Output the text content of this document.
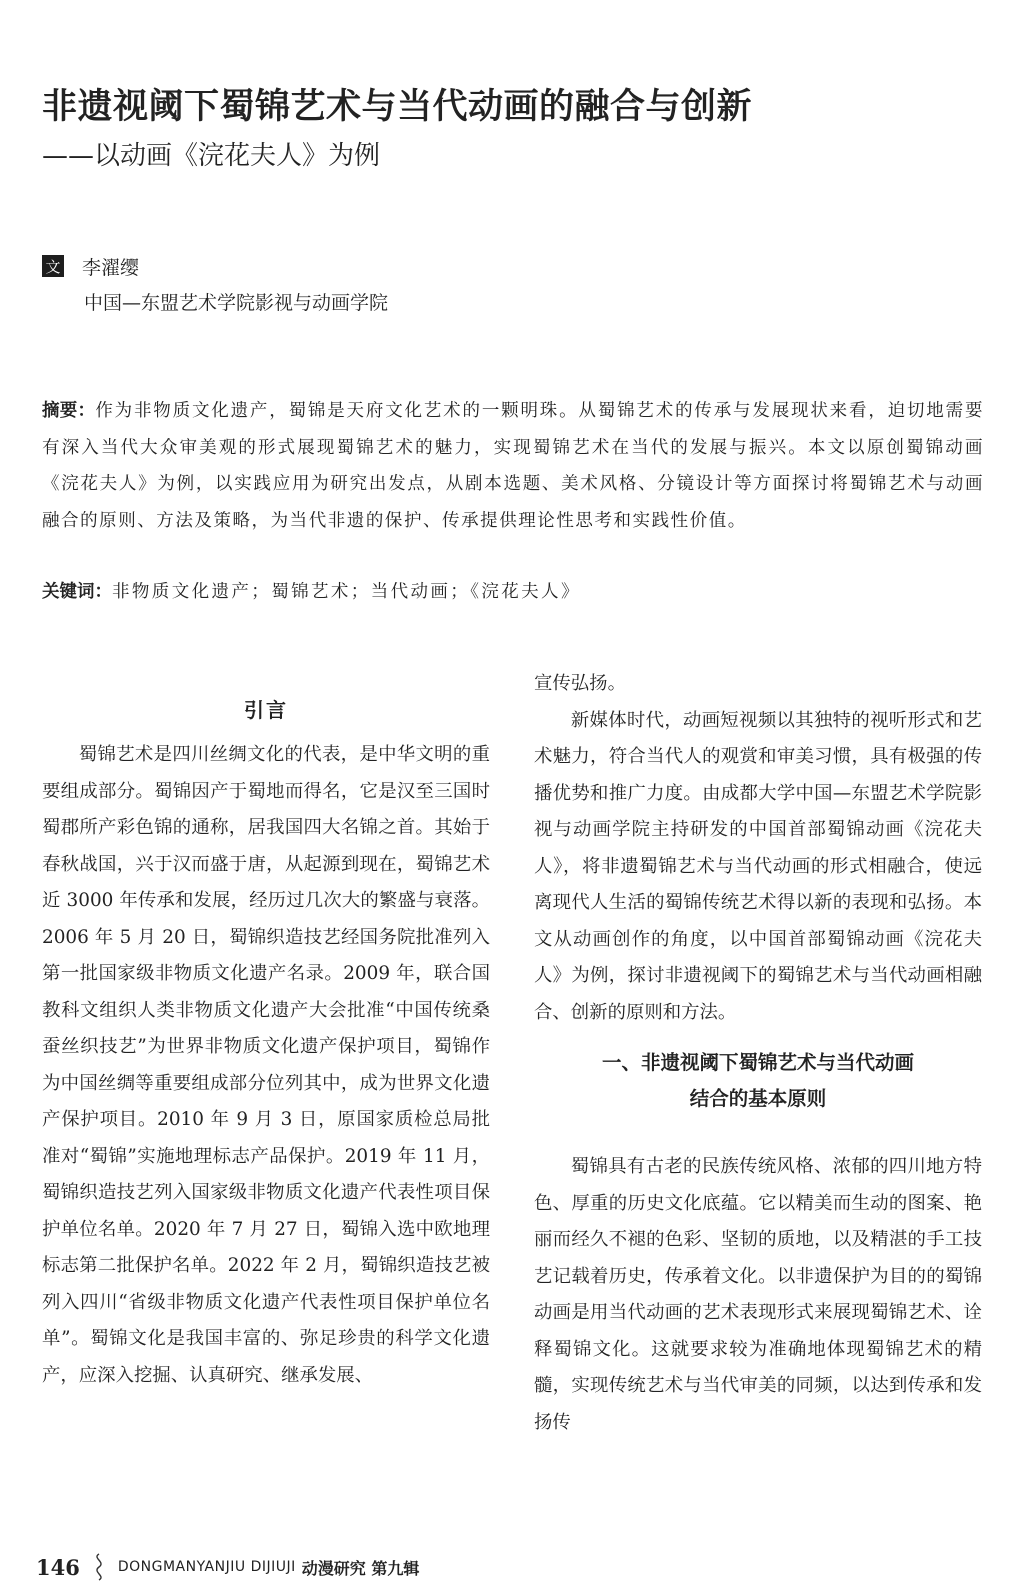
非遗视阈下蜀锦艺术与当代动画的融合与创新
——以动画《浣花夫人》为例
文 李濯缨
中国—东盟艺术学院影视与动画学院
摘要：作为非物质文化遗产，蜀锦是天府文化艺术的一颗明珠。从蜀锦艺术的传承与发展现状来看，迫切地需要有深入当代大众审美观的形式展现蜀锦艺术的魅力，实现蜀锦艺术在当代的发展与振兴。本文以原创蜀锦动画《浣花夫人》为例，以实践应用为研究出发点，从剧本选题、美术风格、分镜设计等方面探讨将蜀锦艺术与动画融合的原则、方法及策略，为当代非遗的保护、传承提供理论性思考和实践性价值。
关键词：非物质文化遗产；蜀锦艺术；当代动画；《浣花夫人》
引言

蜀锦艺术是四川丝绸文化的代表，是中华文明的重要组成部分。蜀锦因产于蜀地而得名，它是汉至三国时蜀郡所产彩色锦的通称，居我国四大名锦之首。其始于春秋战国，兴于汉而盛于唐，从起源到现在，蜀锦艺术近 3000 年传承和发展，经历过几次大的繁盛与衰落。2006 年 5 月 20 日，蜀锦织造技艺经国务院批准列入第一批国家级非物质文化遗产名录。2009 年，联合国教科文组织人类非物质文化遗产大会批准“中国传统桑蚕丝织技艺”为世界非物质文化遗产保护项目，蜀锦作为中国丝绸等重要组成部分位列其中，成为世界文化遗产保护项目。2010 年 9 月 3 日，原国家质检总局批准对“蜀锦”实施地理标志产品保护。2019 年 11 月，蜀锦织造技艺列入国家级非物质文化遗产代表性项目保护单位名单。2020 年 7 月 27 日，蜀锦入选中欧地理标志第二批保护名单。2022 年 2 月，蜀锦织造技艺被列入四川“省级非物质文化遗产代表性项目保护单位名单”。蜀锦文化是我国丰富的、弥足珍贵的科学文化遗产，应深入挖掘、认真研究、继承发展、

宣传弘扬。

新媒体时代，动画短视频以其独特的视听形式和艺术魅力，符合当代人的观赏和审美习惯，具有极强的传播优势和推广力度。由成都大学中国—东盟艺术学院影视与动画学院主持研发的中国首部蜀锦动画《浣花夫人》，将非遗蜀锦艺术与当代动画的形式相融合，使远离现代人生活的蜀锦传统艺术得以新的表现和弘扬。本文从动画创作的角度，以中国首部蜀锦动画《浣花夫人》为例，探讨非遗视阈下的蜀锦艺术与当代动画相融合、创新的原则和方法。

一、非遗视阈下蜀锦艺术与当代动画
结合的基本原则

蜀锦具有古老的民族传统风格、浓郁的四川地方特色、厚重的历史文化底蕴。它以精美而生动的图案、艳丽而经久不褪的色彩、坚韧的质地，以及精湛的手工技艺记载着历史，传承着文化。以非遗保护为目的的蜀锦动画是用当代动画的艺术表现形式来展现蜀锦艺术、诠释蜀锦文化。这就要求较为准确地体现蜀锦艺术的精髓，实现传统艺术与当代审美的同频，以达到传承和发扬传

146	DONGMANYANJIU DIJIUJI 动漫研究 第九辑
